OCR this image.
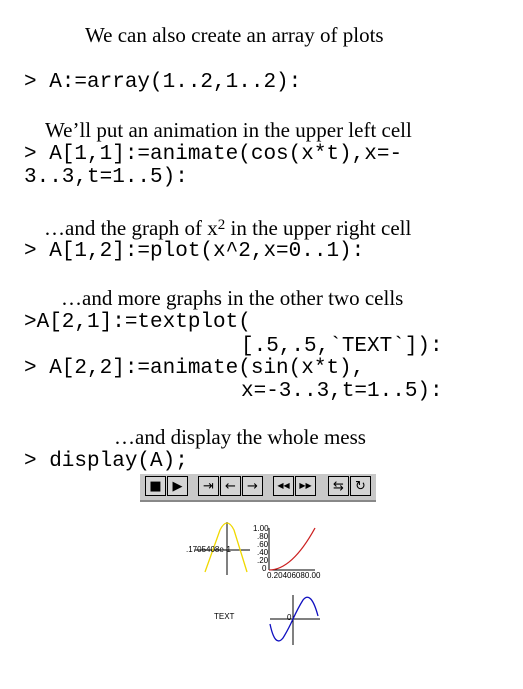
We can also create an array of plots
> A:=array(1..2,1..2):
We’ll put an animation in the upper left cell
> A[1,1]:=animate(cos(x*t),x=-
3..3,t=1..5):
…and the graph of $x^2$ in the upper right cell
> A[1,2]:=plot(x^2,x=0..1):
…and more graphs in the other two cells
>A[2,1]:=textplot(
[.5,.5,`TEXT`]):
> A[2,2]:=animate(sin(x*t),
x=-3..3,t=1..5):
…and display the whole mess
> display(A);
■ ▶ ⇥ ← → ◀◀ ▶▶ ⇆ ↻
.1705408e-1
1.00
.80
.60
.40
.20
0
0.20406080.00
TEXT	0
